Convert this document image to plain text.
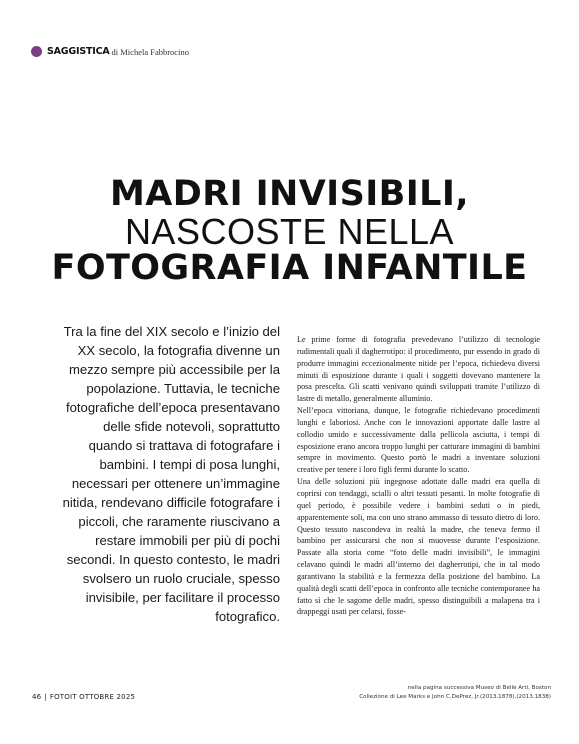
SAGGISTICA di Michela Fabbrocino
MADRI INVISIBILI,
NASCOSTE NELLA
FOTOGRAFIA INFANTILE
Tra la fine del XIX secolo e l’inizio del XX secolo, la fotografia divenne un mezzo sempre più accessibile per la popolazione. Tuttavia, le tecniche fotografiche dell’epoca presentavano delle sfide notevoli, soprattutto quando si trattava di fotografare i bambini. I tempi di posa lunghi, necessari per ottenere un’immagine nitida, rendevano difficile fotografare i piccoli, che raramente riuscivano a restare immobili per più di pochi secondi. In questo contesto, le madri svolsero un ruolo cruciale, spesso invisibile, per facilitare il processo fotografico.

Le prime forme di fotografia prevedevano l’utilizzo di tecnologie rudimentali quali il dagherrotipo: il procedimento, pur essendo in grado di produrre immagini eccezionalmente nitide per l’epoca, richiedeva diversi minuti di esposizione durante i quali i soggetti dovevano mantenere la posa prescelta. Gli scatti venivano quindi sviluppati tramite l’utilizzo di lastre di metallo, generalmente alluminio.

Nell’epoca vittoriana, dunque, le fotografie richiedevano procedimenti lunghi e laboriosi. Anche con le innovazioni apportate dalle lastre al collodio umido e successivamente dalla pellicola asciutta, i tempi di esposizione erano ancora troppo lunghi per catturare immagini di bambini sempre in movimento. Questo portò le madri a inventare soluzioni creative per tenere i loro figli fermi durante lo scatto.

Una delle soluzioni più ingegnose adottate dalle madri era quella di coprirsi con tendaggi, scialli o altri tessuti pesanti. In molte fotografie di quel periodo, è possibile vedere i bambini seduti o in piedi, apparentemente soli, ma con uno strano ammasso di tessuto dietro di loro. Questo tessuto nascondeva in realtà la madre, che teneva fermo il bambino per assicurarsi che non si muovesse durante l’esposizione. Passate alla storia come “foto delle madri invisibili”, le immagini celavano quindi le madri all’interno dei dagherrotipi, che in tal modo garantivano la stabilità e la fermezza della posizione del bambino. La qualità degli scatti dell’epoca in confronto alle tecniche contemporanee ha fatto sì che le sagome delle madri, spesso distinguibili a malapena tra i drappeggi usati per celarsi, fosse-

46 | FOTOIT OTTOBRE 2025
nella pagina successiva Museo di Belle Arti, Boston
Collezione di Lee Marks e John C.DePrez, Jr.(2013.1878),(2013.1838)
